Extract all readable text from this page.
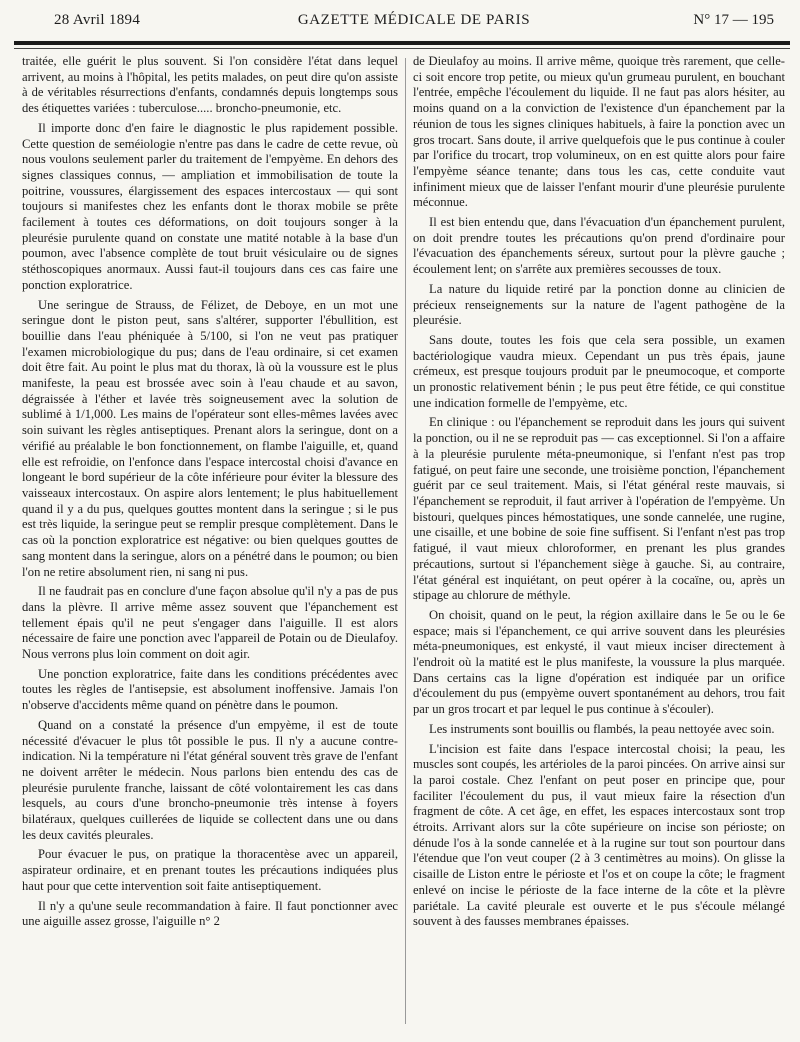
28 Avril 1894	GAZETTE MÉDICALE DE PARIS	N° 17 — 195

traitée, elle guérit le plus souvent. Si l'on considère l'état dans lequel arrivent, au moins à l'hôpital, les petits malades, on peut dire qu'on assiste à de véritables résurrections d'enfants, condamnés depuis longtemps sous des étiquettes variées : tuberculose..... broncho-pneumonie, etc.

Il importe donc d'en faire le diagnostic le plus rapidement possible. Cette question de seméiologie n'entre pas dans le cadre de cette revue, où nous voulons seulement parler du traitement de l'empyème. En dehors des signes classiques connus, — ampliation et immobilisation de toute la poitrine, voussures, élargissement des espaces intercostaux — qui sont toujours si manifestes chez les enfants dont le thorax mobile se prête facilement à toutes ces déformations, on doit toujours songer à la pleurésie purulente quand on constate une matité notable à la base d'un poumon, avec l'absence complète de tout bruit vésiculaire ou de signes stéthoscopiques anormaux. Aussi faut-il toujours dans ces cas faire une ponction exploratrice.

Une seringue de Strauss, de Félizet, de Deboye, en un mot une seringue dont le piston peut, sans s'altérer, supporter l'ébullition, est bouillie dans l'eau phéniquée à 5/100, si l'on ne veut pas pratiquer l'examen microbiologique du pus; dans de l'eau ordinaire, si cet examen doit être fait. Au point le plus mat du thorax, là où la voussure est le plus manifeste, la peau est brossée avec soin à l'eau chaude et au savon, dégraissée à l'éther et lavée très soigneusement avec la solution de sublimé à 1/1,000. Les mains de l'opérateur sont elles-mêmes lavées avec soin suivant les règles antiseptiques. Prenant alors la seringue, dont on a vérifié au préalable le bon fonctionnement, on flambe l'aiguille, et, quand elle est refroidie, on l'enfonce dans l'espace intercostal choisi d'avance en longeant le bord supérieur de la côte inférieure pour éviter la blessure des vaisseaux intercostaux. On aspire alors lentement; le plus habituellement quand il y a du pus, quelques gouttes montent dans la seringue ; si le pus est très liquide, la seringue peut se remplir presque complètement. Dans le cas où la ponction exploratrice est négative: ou bien quelques gouttes de sang montent dans la seringue, alors on a pénétré dans le poumon; ou bien l'on ne retire absolument rien, ni sang ni pus.

Il ne faudrait pas en conclure d'une façon absolue qu'il n'y a pas de pus dans la plèvre. Il arrive même assez souvent que l'épanchement est tellement épais qu'il ne peut s'engager dans l'aiguille. Il est alors nécessaire de faire une ponction avec l'appareil de Potain ou de Dieulafoy. Nous verrons plus loin comment on doit agir.

Une ponction exploratrice, faite dans les conditions précédentes avec toutes les règles de l'antisepsie, est absolument inoffensive. Jamais l'on n'observe d'accidents même quand on pénètre dans le poumon.

Quand on a constaté la présence d'un empyème, il est de toute nécessité d'évacuer le plus tôt possible le pus. Il n'y a aucune contre-indication. Ni la température ni l'état général souvent très grave de l'enfant ne doivent arrêter le médecin. Nous parlons bien entendu des cas de pleurésie purulente franche, laissant de côté volontairement les cas dans lesquels, au cours d'une broncho-pneumonie très intense à foyers bilatéraux, quelques cuillerées de liquide se collectent dans une ou dans les deux cavités pleurales.

Pour évacuer le pus, on pratique la thoracentèse avec un appareil, aspirateur ordinaire, et en prenant toutes les précautions indiquées plus haut pour que cette intervention soit faite antiseptiquement.

Il n'y a qu'une seule recommandation à faire. Il faut ponctionner avec une aiguille assez grosse, l'aiguille n° 2

de Dieulafoy au moins. Il arrive même, quoique très rarement, que celle-ci soit encore trop petite, ou mieux qu'un grumeau purulent, en bouchant l'entrée, empêche l'écoulement du liquide. Il ne faut pas alors hésiter, au moins quand on a la conviction de l'existence d'un épanchement par la réunion de tous les signes cliniques habituels, à faire la ponction avec un gros trocart. Sans doute, il arrive quelquefois que le pus continue à couler par l'orifice du trocart, trop volumineux, on en est quitte alors pour faire l'empyème séance tenante; dans tous les cas, cette conduite vaut infiniment mieux que de laisser l'enfant mourir d'une pleurésie purulente méconnue.

Il est bien entendu que, dans l'évacuation d'un épanchement purulent, on doit prendre toutes les précautions qu'on prend d'ordinaire pour l'évacuation des épanchements séreux, surtout pour la plèvre gauche ; écoulement lent; on s'arrête aux premières secousses de toux.

La nature du liquide retiré par la ponction donne au clinicien de précieux renseignements sur la nature de l'agent pathogène de la pleurésie.

Sans doute, toutes les fois que cela sera possible, un examen bactériologique vaudra mieux. Cependant un pus très épais, jaune crémeux, est presque toujours produit par le pneumocoque, et comporte un pronostic relativement bénin ; le pus peut être fétide, ce qui constitue une indication formelle de l'empyème, etc.

En clinique : ou l'épanchement se reproduit dans les jours qui suivent la ponction, ou il ne se reproduit pas — cas exceptionnel. Si l'on a affaire à la pleurésie purulente méta-pneumonique, si l'enfant n'est pas trop fatigué, on peut faire une seconde, une troisième ponction, l'épanchement guérit par ce seul traitement. Mais, si l'état général reste mauvais, si l'épanchement se reproduit, il faut arriver à l'opération de l'empyème. Un bistouri, quelques pinces hémostatiques, une sonde cannelée, une rugine, une cisaille, et une bobine de soie fine suffisent. Si l'enfant n'est pas trop fatigué, il vaut mieux chloroformer, en prenant les plus grandes précautions, surtout si l'épanchement siège à gauche. Si, au contraire, l'état général est inquiétant, on peut opérer à la cocaïne, ou, après un stipage au chlorure de méthyle.

On choisit, quand on le peut, la région axillaire dans le 5e ou le 6e espace; mais si l'épanchement, ce qui arrive souvent dans les pleurésies méta-pneumoniques, est enkysté, il vaut mieux inciser directement à l'endroit où la matité est le plus manifeste, la voussure la plus marquée. Dans certains cas la ligne d'opération est indiquée par un orifice d'écoulement du pus (empyème ouvert spontanément au dehors, trou fait par un gros trocart et par lequel le pus continue à s'écouler).

Les instruments sont bouillis ou flambés, la peau nettoyée avec soin.

L'incision est faite dans l'espace intercostal choisi; la peau, les muscles sont coupés, les artérioles de la paroi pincées. On arrive ainsi sur la paroi costale. Chez l'enfant on peut poser en principe que, pour faciliter l'écoulement du pus, il vaut mieux faire la résection d'un fragment de côte. A cet âge, en effet, les espaces intercostaux sont trop étroits. Arrivant alors sur la côte supérieure on incise son périoste; on dénude l'os à la sonde cannelée et à la rugine sur tout son pourtour dans l'étendue que l'on veut couper (2 à 3 centimètres au moins). On glisse la cisaille de Liston entre le périoste et l'os et on coupe la côte; le fragment enlevé on incise le périoste de la face interne de la côte et la plèvre pariétale. La cavité pleurale est ouverte et le pus s'écoule mélangé souvent à des fausses membranes épaisses.
